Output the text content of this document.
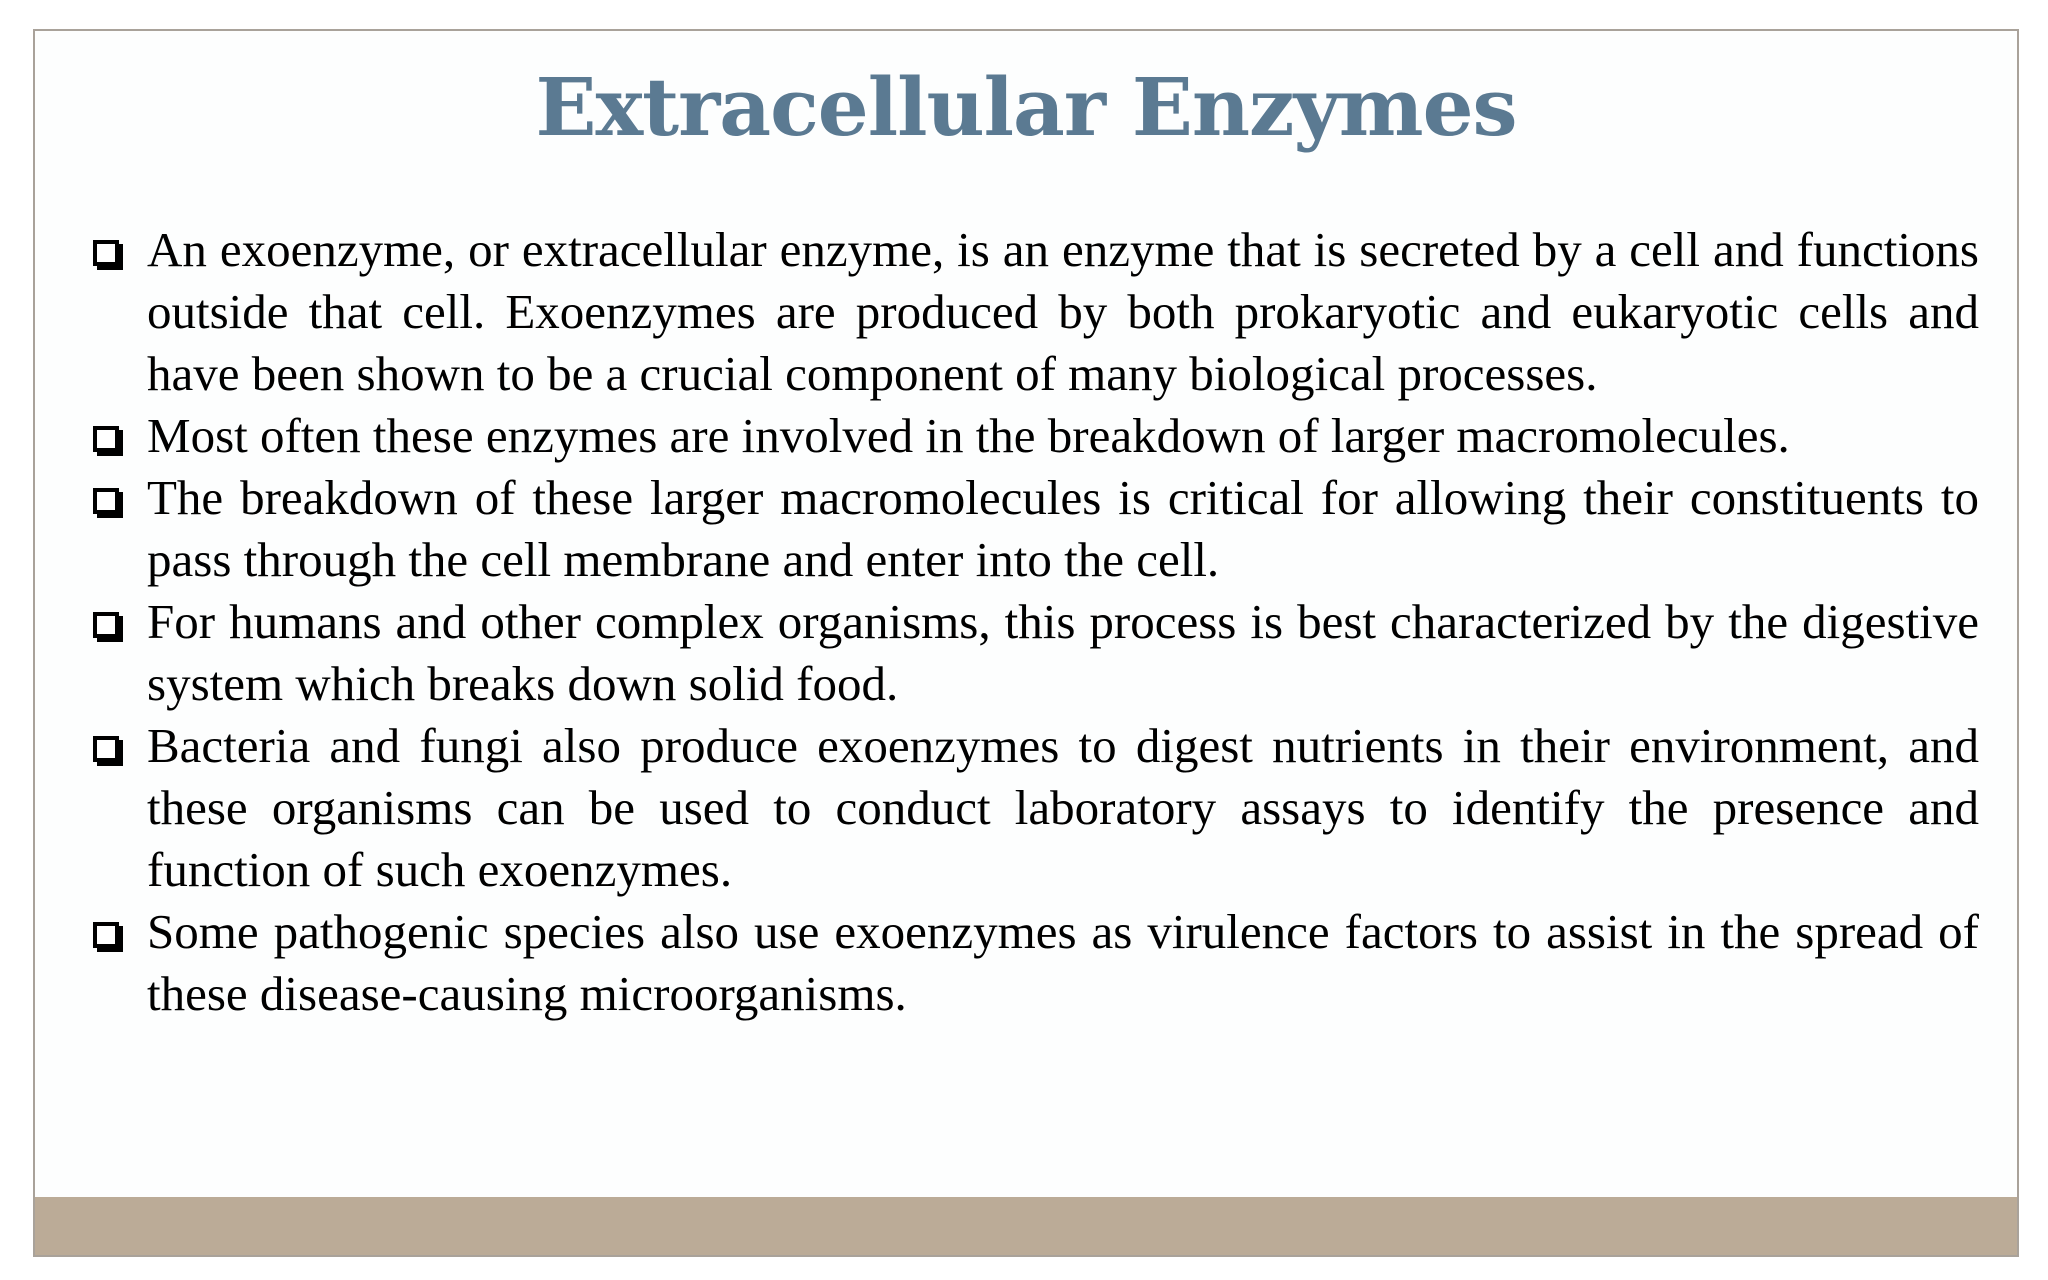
Extracellular Enzymes
An exoenzyme, or extracellular enzyme, is an enzyme that is secreted by a cell and functions outside that cell. Exoenzymes are produced by both prokaryotic and eukaryotic cells and have been shown to be a crucial component of many biological processes.
Most often these enzymes are involved in the breakdown of larger macromolecules.
The breakdown of these larger macromolecules is critical for allowing their constituents to pass through the cell membrane and enter into the cell.
For humans and other complex organisms, this process is best characterized by the digestive system which breaks down solid food.
Bacteria and fungi also produce exoenzymes to digest nutrients in their environment, and these organisms can be used to conduct laboratory assays to identify the presence and function of such exoenzymes.
Some pathogenic species also use exoenzymes as virulence factors to assist in the spread of these disease-causing microorganisms.
